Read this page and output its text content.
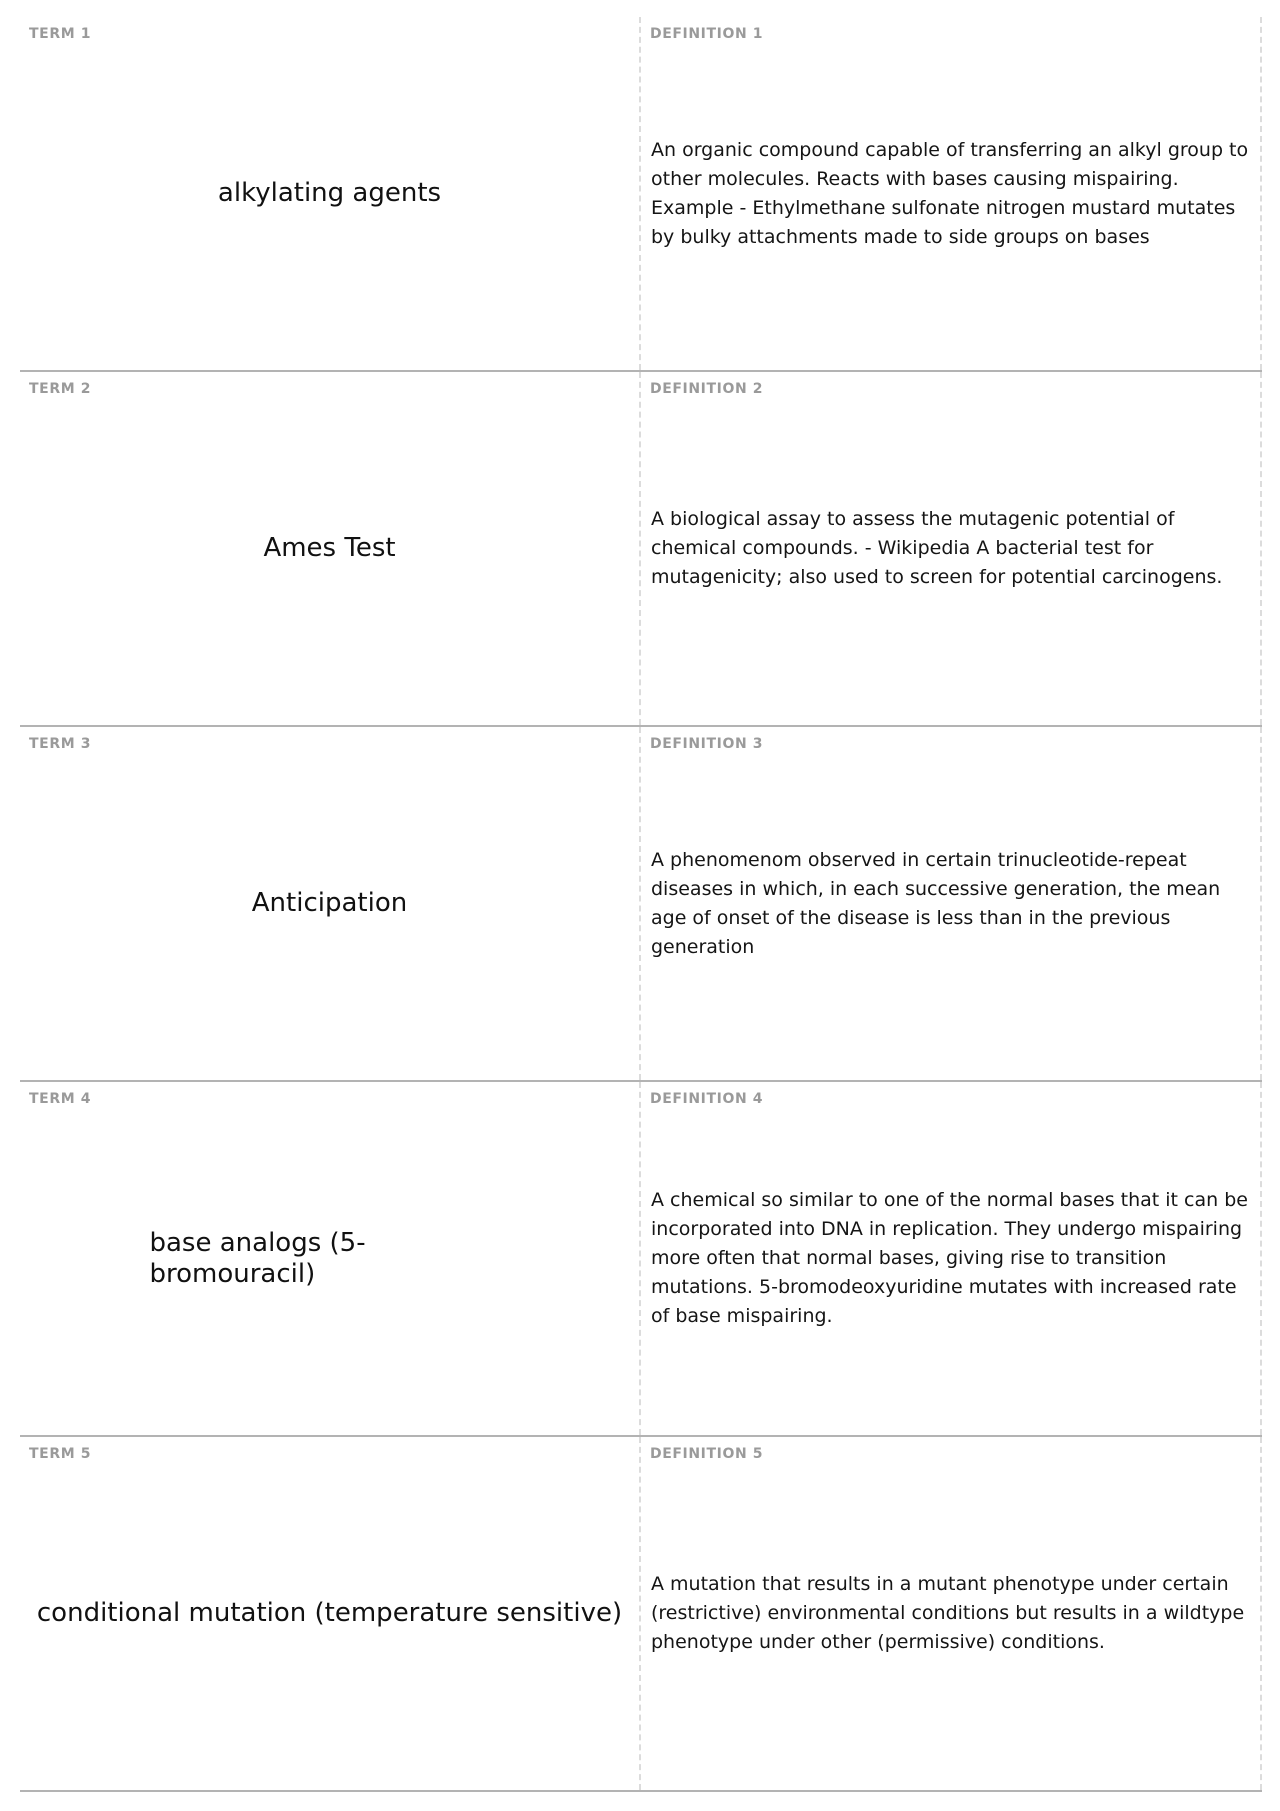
TERM 1
alkylating agents
DEFINITION 1
An organic compound capable of transferring an alkyl group to other molecules. Reacts with bases causing mispairing. Example - Ethylmethane sulfonate nitrogen mustard mutates by bulky attachments made to side groups on bases
TERM 2
Ames Test
DEFINITION 2
A biological assay to assess the mutagenic potential of chemical compounds. - Wikipedia A bacterial test for mutagenicity; also used to screen for potential carcinogens.
TERM 3
Anticipation
DEFINITION 3
A phenomenom observed in certain trinucleotide-repeat diseases in which, in each successive generation, the mean age of onset of the disease is less than in the previous generation
TERM 4
base analogs (5-bromouracil)
DEFINITION 4
A chemical so similar to one of the normal bases that it can be incorporated into DNA in replication. They undergo mispairing more often that normal bases, giving rise to transition mutations. 5-bromodeoxyuridine mutates with increased rate of base mispairing.
TERM 5
conditional mutation (temperature sensitive)
DEFINITION 5
A mutation that results in a mutant phenotype under certain (restrictive) environmental conditions but results in a wildtype phenotype under other (permissive) conditions.
